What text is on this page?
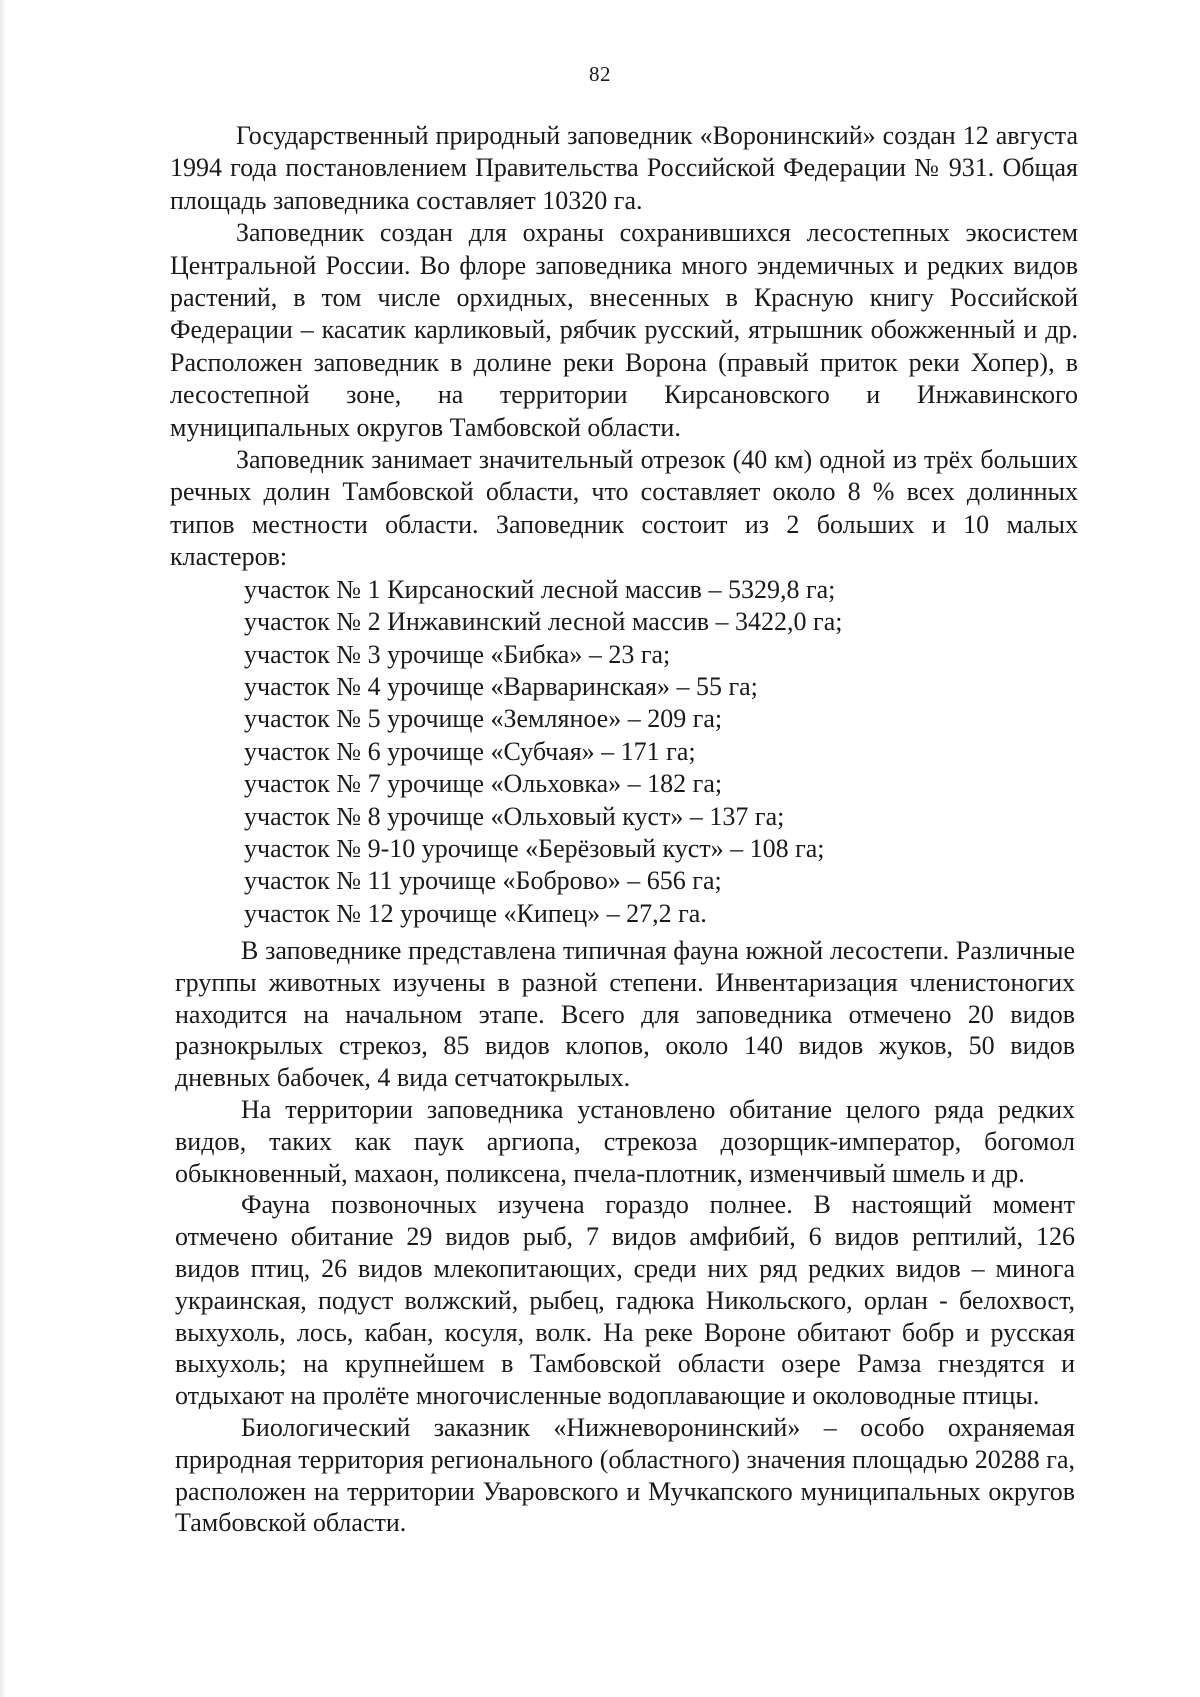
82

Государственный природный заповедник «Воронинский» создан 12 августа 1994 года постановлением Правительства Российской Федерации № 931. Общая площадь заповедника составляет 10320 га.

Заповедник создан для охраны сохранившихся лесостепных экосистем Центральной России. Во флоре заповедника много эндемичных и редких видов растений, в том числе орхидных, внесенных в Красную книгу Российской Федерации – касатик карликовый, рябчик русский, ятрышник обожженный и др. Расположен заповедник в долине реки Ворона (правый приток реки Хопер), в лесостепной зоне, на территории Кирсановского и Инжавинского муниципальных округов Тамбовской области.

Заповедник занимает значительный отрезок (40 км) одной из трёх больших речных долин Тамбовской области, что составляет около 8 % всех долинных типов местности области. Заповедник состоит из 2 больших и 10 малых кластеров:

участок № 1 Кирсаноский лесной массив – 5329,8 га;
участок № 2 Инжавинский лесной массив – 3422,0 га;
участок № 3 урочище «Бибка» – 23 га;
участок № 4 урочище «Варваринская» – 55 га;
участок № 5 урочище «Земляное» – 209 га;
участок № 6 урочище «Субчая» – 171 га;
участок № 7 урочище «Ольховка» – 182 га;
участок № 8 урочище «Ольховый куст» – 137 га;
участок № 9-10 урочище «Берёзовый куст» – 108 га;
участок № 11 урочище «Боброво» – 656 га;
участок № 12 урочище «Кипец» – 27,2 га.

В заповеднике представлена типичная фауна южной лесостепи. Различные группы животных изучены в разной степени. Инвентаризация членистоногих находится на начальном этапе. Всего для заповедника отмечено 20 видов разнокрылых стрекоз, 85 видов клопов, около 140 видов жуков, 50 видов дневных бабочек, 4 вида сетчатокрылых.

На территории заповедника установлено обитание целого ряда редких видов, таких как паук аргиопа, стрекоза дозорщик-император, богомол обыкновенный, махаон, поликсена, пчела-плотник, изменчивый шмель и др.

Фауна позвоночных изучена гораздо полнее. В настоящий момент отмечено обитание 29 видов рыб, 7 видов амфибий, 6 видов рептилий, 126 видов птиц, 26 видов млекопитающих, среди них ряд редких видов – минога украинская, подуст волжский, рыбец, гадюка Никольского, орлан - белохвост, выхухоль, лось, кабан, косуля, волк. На реке Вороне обитают бобр и русская выхухоль; на крупнейшем в Тамбовской области озере Рамза гнездятся и отдыхают на пролёте многочисленные водоплавающие и околоводные птицы.

Биологический заказник «Нижневоронинский» – особо охраняемая природная территория регионального (областного) значения площадью 20288 га, расположен на территории Уваровского и Мучкапского муниципальных округов Тамбовской области.
